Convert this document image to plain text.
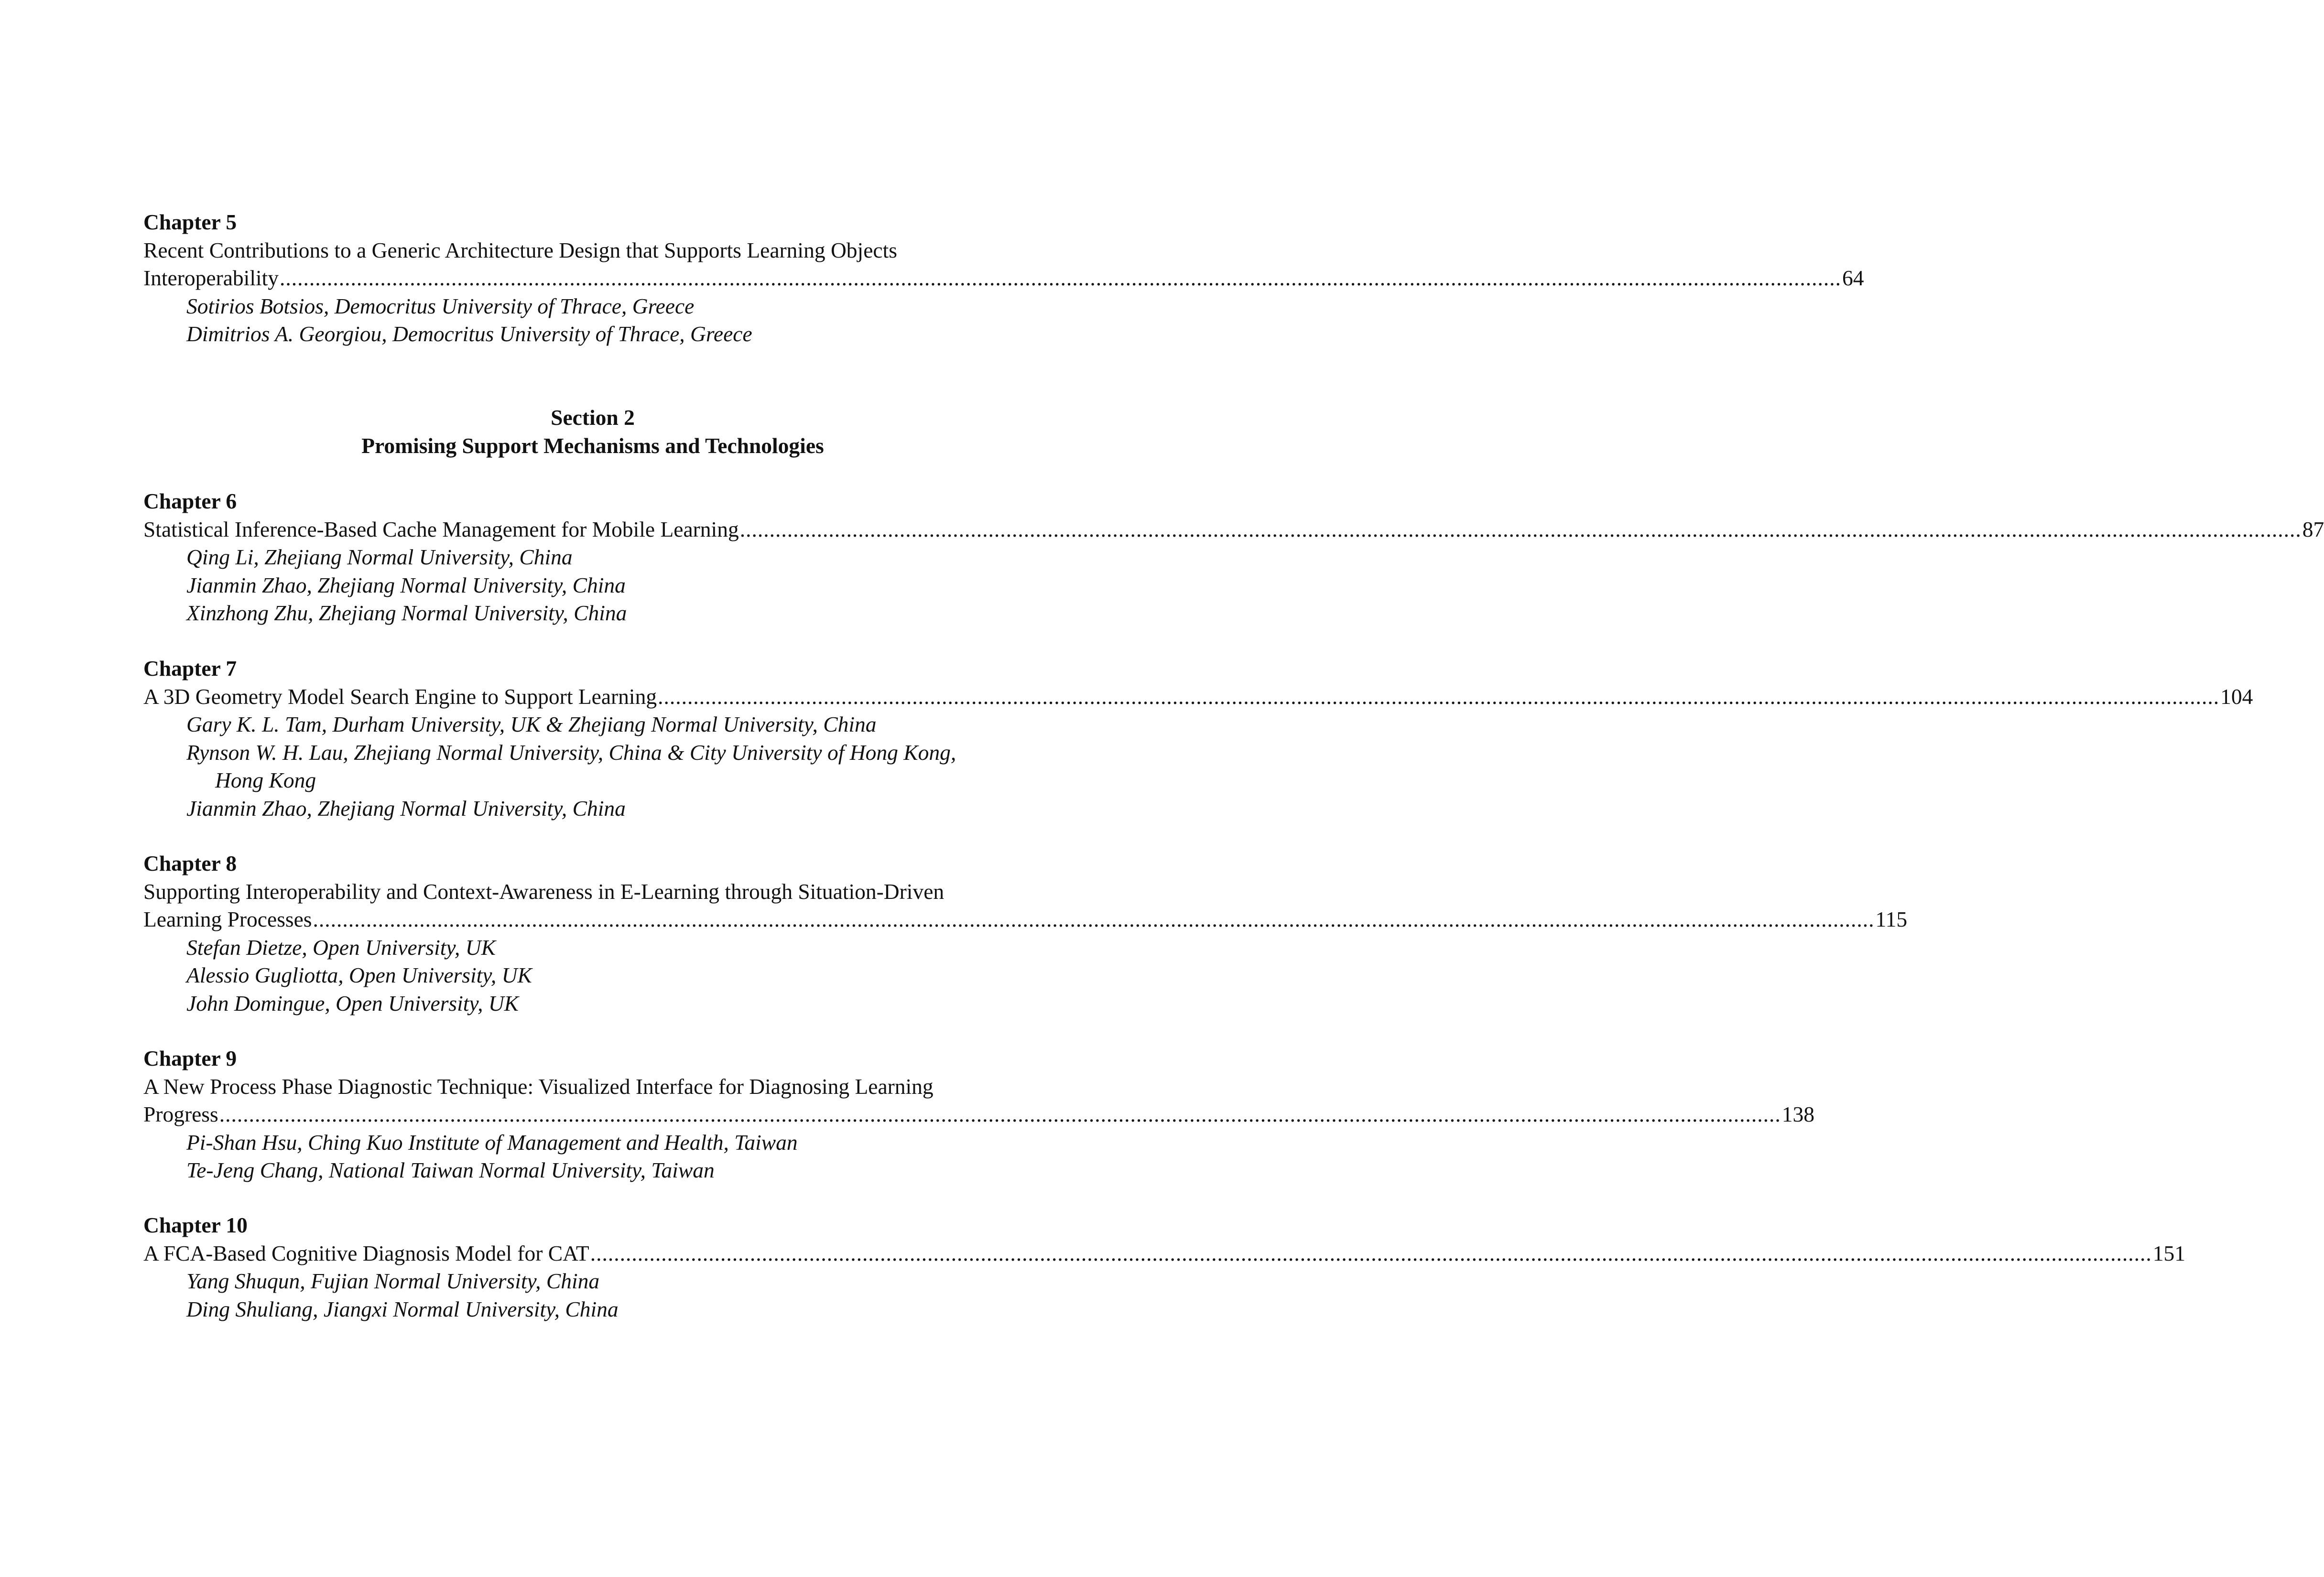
Chapter 5
Recent Contributions to a Generic Architecture Design that Supports Learning Objects
Interoperability ........................................................................................................................................................................................................................................................................ 64
Sotirios Botsios, Democritus University of Thrace, Greece
Dimitrios A. Georgiou, Democritus University of Thrace, Greece
Section 2
Promising Support Mechanisms and Technologies
Chapter 6
Statistical Inference-Based Cache Management for Mobile Learning ........................................................................................................................................................................................................................................................................ 87
Qing Li, Zhejiang Normal University, China
Jianmin Zhao, Zhejiang Normal University, China
Xinzhong Zhu, Zhejiang Normal University, China
Chapter 7
A 3D Geometry Model Search Engine to Support Learning ........................................................................................................................................................................................................................................................................ 104
Gary K. L. Tam, Durham University, UK & Zhejiang Normal University, China
Rynson W. H. Lau, Zhejiang Normal University, China & City University of Hong Kong,
Hong Kong
Jianmin Zhao, Zhejiang Normal University, China
Chapter 8
Supporting Interoperability and Context-Awareness in E-Learning through Situation-Driven
Learning Processes ........................................................................................................................................................................................................................................................................ 115
Stefan Dietze, Open University, UK
Alessio Gugliotta, Open University, UK
John Domingue, Open University, UK
Chapter 9
A New Process Phase Diagnostic Technique: Visualized Interface for Diagnosing Learning
Progress ........................................................................................................................................................................................................................................................................ 138
Pi-Shan Hsu, Ching Kuo Institute of Management and Health, Taiwan
Te-Jeng Chang, National Taiwan Normal University, Taiwan
Chapter 10
A FCA-Based Cognitive Diagnosis Model for CAT ........................................................................................................................................................................................................................................................................ 151
Yang Shuqun, Fujian Normal University, China
Ding Shuliang, Jiangxi Normal University, China
